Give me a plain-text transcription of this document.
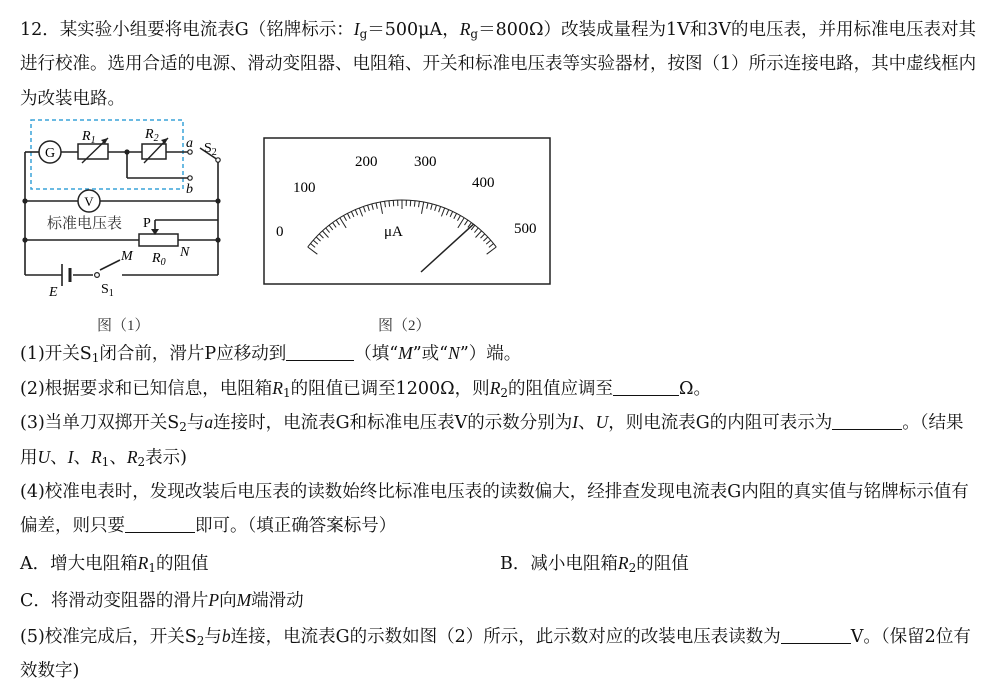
12．某实验小组要将电流表G（铭牌标示：$I_g=500\mu A$，$R_g=800\Omega$）改装成量程为1V和3V的电压表，并用标准电压表对其
进行校准。选用合适的电源、滑动变阻器、电阻箱、开关和标准电压表等实验器材，按图（1）所示连接电路，其中虚线框内
为改装电路。
G
$R_1$	$R_2$ a
b
$S_2$
V
标准电压表 P
M	N
$R_0$
E	$S_1$
图（1）
0
100
200 300
400
500
μA
图（2）
(1)开关$S_1$闭合前，滑片P应移动到	（填“M”或“N”）端。
(2)根据要求和已知信息，电阻箱$R_1$的阻值已调至1200Ω，则$R_2$的阻值应调至	Ω。
(3)当单刀双掷开关$S_2$与a连接时，电流表G和标准电压表V的示数分别为I、U，则电流表G的内阻可表示为	。（结果
用U、I、$R_1$、$R_2$表示)
(4)校准电表时，发现改装后电压表的读数始终比标准电压表的读数偏大，经排查发现电流表G内阻的真实值与铭牌标示值有
偏差，则只要	即可。（填正确答案标号）
A．增大电阻箱$R_1$的阻值	B．减小电阻箱$R_2$的阻值
C．将滑动变阻器的滑片P向M端滑动
(5)校准完成后，开关$S_2$与b连接，电流表G的示数如图（2）所示，此示数对应的改装电压表读数为	V。（保留2位有
效数字)
